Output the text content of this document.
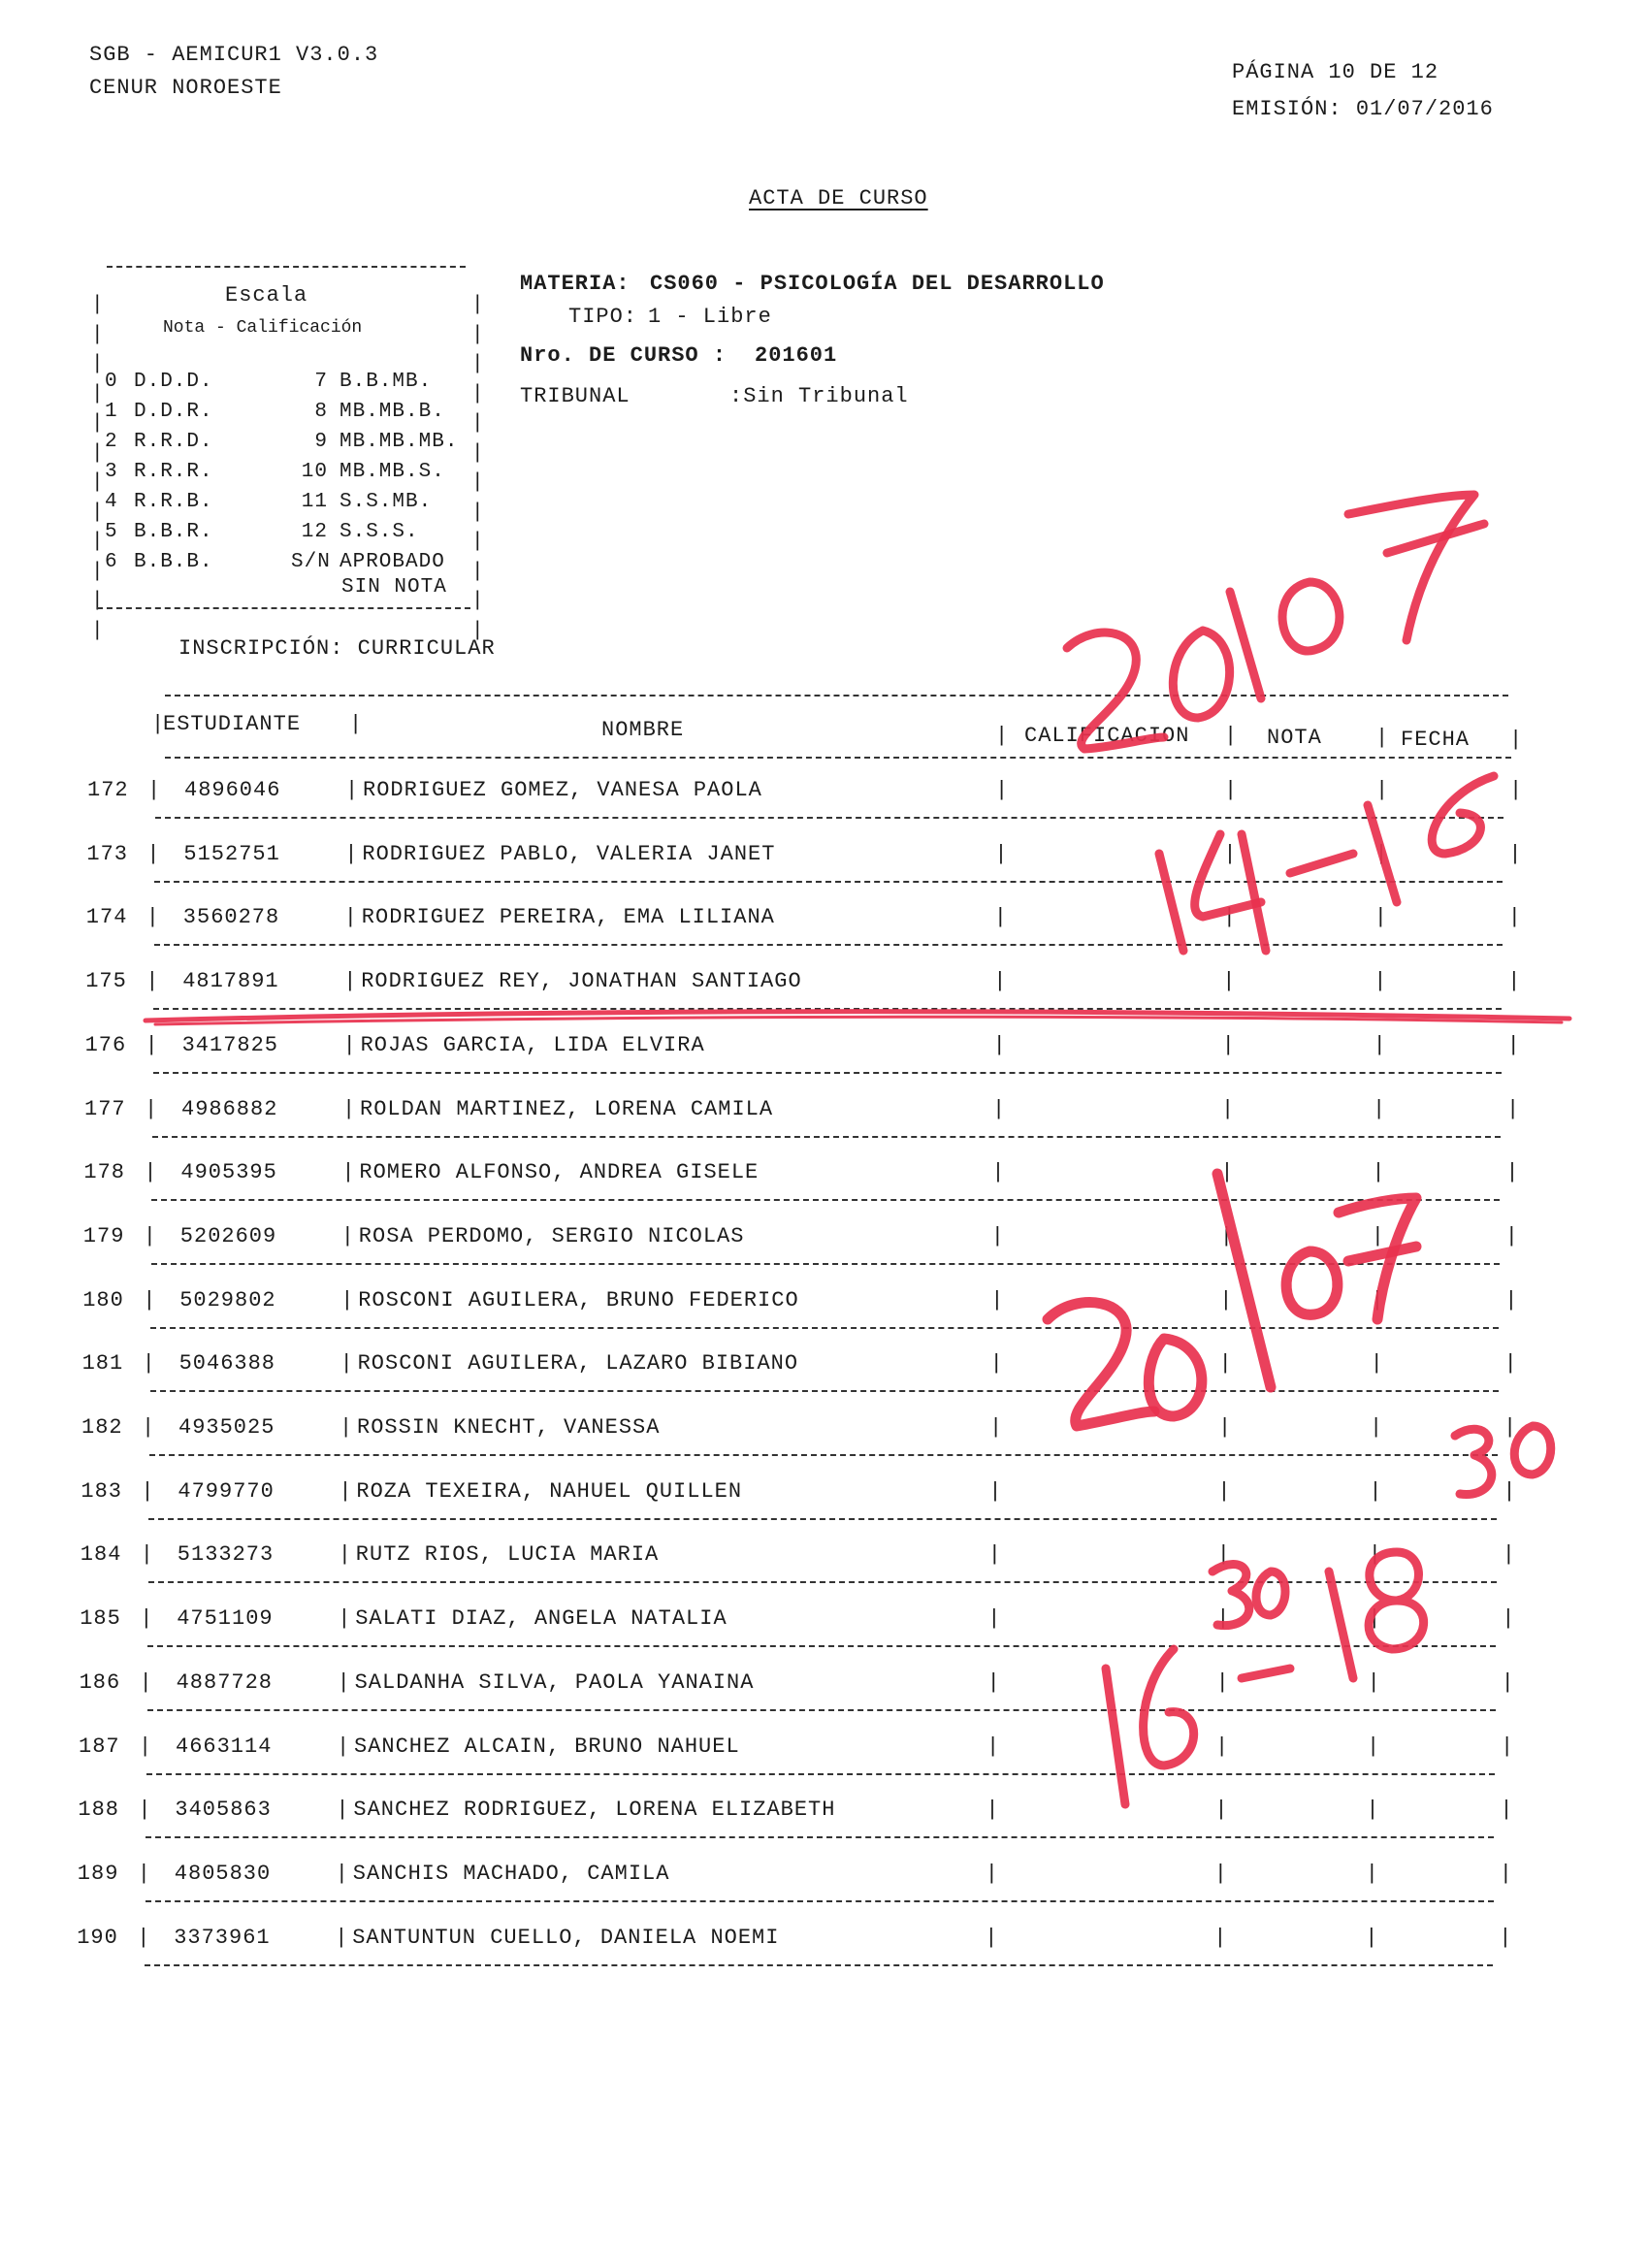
SGB - AEMICUR1 V3.0.3
CENUR NOROESTE
PÁGINA 10 DE 12
EMISIÓN: 01/07/2016
ACTA DE CURSO
Escala
Nota - Calificación
|
|
|
|
|
|
|
|
|
|
|
|
|
|
|
|
|
|
|
|
|
|
|
|
0 D.D.D.	7 B.B.MB.
1 D.D.R.	8 MB.MB.B.
2 R.R.D.	9 MB.MB.MB.
3 R.R.R.	10 MB.MB.S.
4 R.R.B.	11 S.S.MB.
5 B.B.R.	12 S.S.S.
6 B.B.B.	S/N APROBADO
SIN NOTA
MATERIA: CS060 - PSICOLOGÍA DEL DESARROLLO
TIPO: 1 - Libre
Nro. DE CURSO : 201601
TRIBUNAL	:Sin Tribunal
INSCRIPCIÓN: CURRICULAR
|
ESTUDIANTE |	NOMBRE	| CALIFICACION | NOTA	| FECHA |
172 | 4896046	| RODRIGUEZ GOMEZ, VANESA PAOLA	|	|	|	|
173 | 5152751	| RODRIGUEZ PABLO, VALERIA JANET	|	|	|	|
174 | 3560278	| RODRIGUEZ PEREIRA, EMA LILIANA	|	|	|	|
175 | 4817891	| RODRIGUEZ REY, JONATHAN SANTIAGO	|	|	|	|
176 | 3417825	| ROJAS GARCIA, LIDA ELVIRA	|	|	|	|
177 | 4986882	| ROLDAN MARTINEZ, LORENA CAMILA	|	|	|	|
178 | 4905395	| ROMERO ALFONSO, ANDREA GISELE	|	|	|	|
179 | 5202609	| ROSA PERDOMO, SERGIO NICOLAS	|	|	|	|
180 | 5029802	| ROSCONI AGUILERA, BRUNO FEDERICO	|	|	|	|
181 | 5046388	| ROSCONI AGUILERA, LAZARO BIBIANO	|	|	|	|
182 | 4935025	| ROSSIN KNECHT, VANESSA	|	|	|	|
183 | 4799770	| ROZA TEXEIRA, NAHUEL QUILLEN	|	|	|	|
184 | 5133273	| RUTZ RIOS, LUCIA MARIA	|	|	|	|
185 | 4751109	| SALATI DIAZ, ANGELA NATALIA	|	|	|	|
186 | 4887728	| SALDANHA SILVA, PAOLA YANAINA	|	|	|	|
187 | 4663114	| SANCHEZ ALCAIN, BRUNO NAHUEL	|	|	|	|
188 | 3405863	| SANCHEZ RODRIGUEZ, LORENA ELIZABETH	|	|	|	|
189 | 4805830	| SANCHIS MACHADO, CAMILA	|	|	|	|
190 | 3373961	| SANTUNTUN CUELLO, DANIELA NOEMI	|	|	|	|
